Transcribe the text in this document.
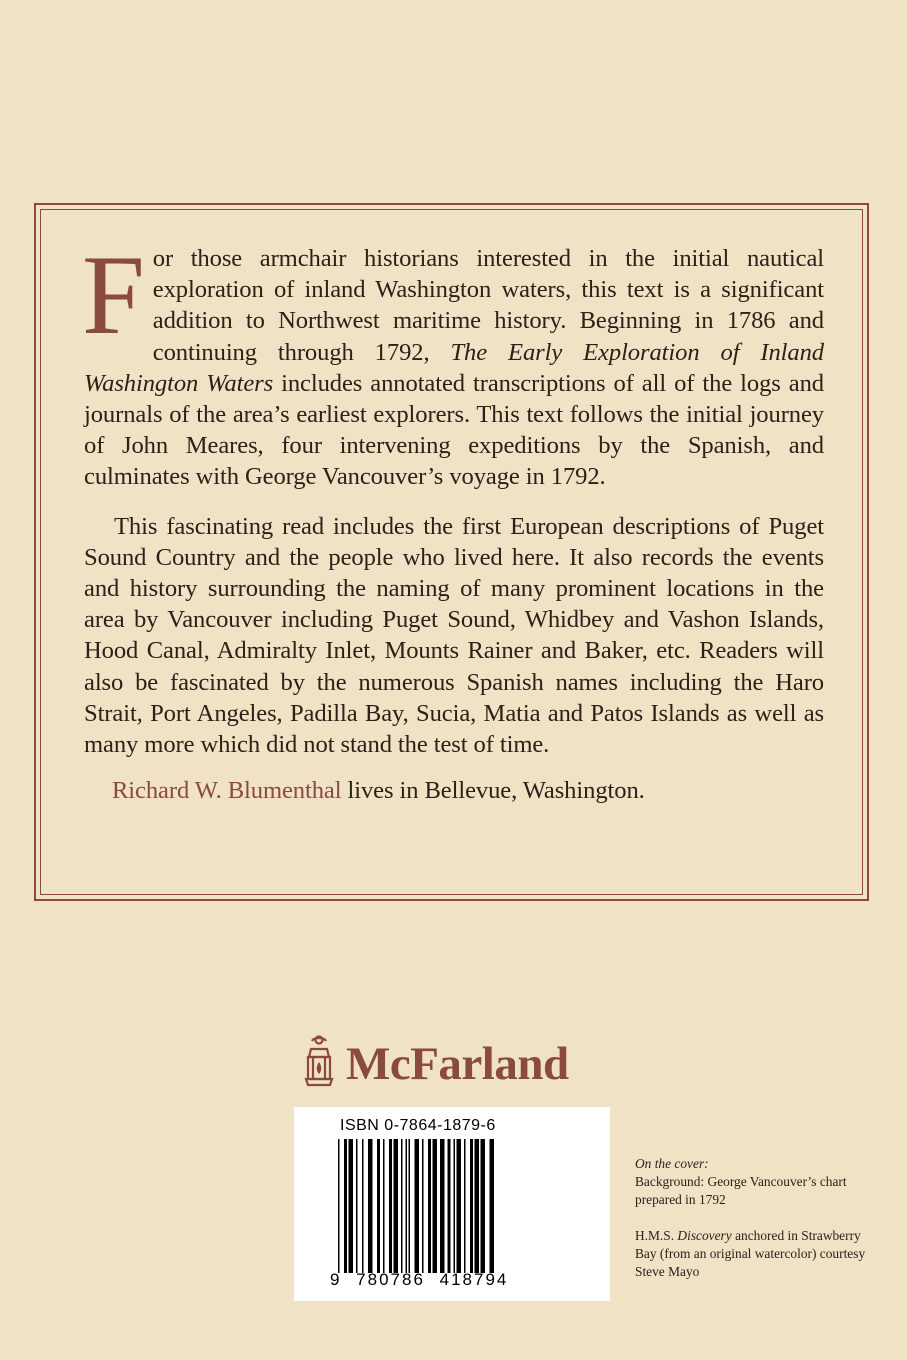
For those armchair historians interested in the initial nautical exploration of inland Washington waters, this text is a significant addition to Northwest maritime history. Beginning in 1786 and continuing through 1792, The Early Exploration of Inland Washington Waters includes annotated transcriptions of all of the logs and journals of the area’s earliest explorers. This text follows the initial journey of John Meares, four intervening expeditions by the Spanish, and culminates with George Vancouver’s voyage in 1792.

This fascinating read includes the first European descriptions of Puget Sound Country and the people who lived here. It also records the events and history surrounding the naming of many prominent locations in the area by Vancouver including Puget Sound, Whidbey and Vashon Islands, Hood Canal, Admiralty Inlet, Mounts Rainer and Baker, etc. Readers will also be fascinated by the numerous Spanish names including the Haro Strait, Port Angeles, Padilla Bay, Sucia, Matia and Patos Islands as well as many more which did not stand the test of time.

Richard W. Blumenthal lives in Bellevue, Washington.

McFarland
ISBN 0-7864-1879-6
9 780786 418794

On the cover:

Background: George Vancouver’s chart prepared in 1792

H.M.S. Discovery anchored in Strawberry Bay (from an original watercolor) courtesy Steve Mayo
